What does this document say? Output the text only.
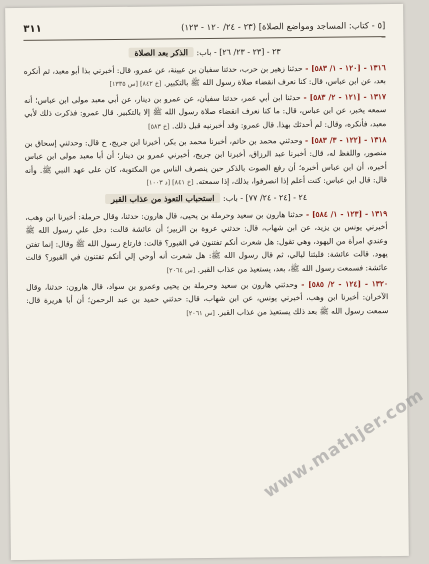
٣١١	[٥ - كتاب: المساجد ومواضع الصلاة] (٢٣ - ٢٤/ ١٢٠ - ١٢٣)
٢٣ - [٢٣ - ٢٣/ ٢٦] - باب: الذكر بعد الصلاة

١٣١٦ - [١٢٠ - ١/ ٥٨٣] - حدثنا زهير بن حرب، حدثنا سفيان بن عيينة، عن عمرو، قال: أخبرني بذا أبو معبد، ثم أنكره بعد، عن ابن عباس، قال: كنا نعرف انقضاء صلاة رسول الله ﷺ بالتكبير. [خ ٨٤٢] [س ١٣٣٥]

١٣١٧ - [١٢١ - ٢/ ٥٨٣] - حدثنا ابن أبي عمر، حدثنا سفيان، عن عمرو بن دينار، عن أبي معبد مولى ابن عباس؛ أنه سمعه يخبر، عن ابن عباس، قال: ما كنا نعرف انقضاء صلاة رسول الله ﷺ إلا بالتكبير. قال عمرو: فذكرت ذلك لأبي معبد، فأنكره، وقال: لم أحدثك بهذا. قال عمرو: وقد أخبرنيه قبل ذلك. [خ ٥٨٣]

١٣١٨ - [١٢٢ - ٣/ ٥٨٣] - وحدثني محمد بن حاتم، أخبرنا محمد بن بكر، أخبرنا ابن جريج، ح قال: وحدثني إسحاق بن منصور، واللفظ له، قال: أخبرنا عبد الرزاق، أخبرنا ابن جريج، أخبرني عمرو بن دينار؛ أن أبا معبد مولى ابن عباس أخبره، أن ابن عباس أخبره؛ أن رفع الصوت بالذكر حين ينصرف الناس من المكتوبة، كان على عهد النبي ﷺ. وأنه قال: قال ابن عباس: كنت أعلم إذا انصرفوا، بذلك، إذا سمعته. [خ ٨٤١] [د ١٠٠٣]

٢٤ - [٢٤ - ٢٤/ ٧٧] - باب: استحباب التعوذ من عذاب القبر

١٣١٩ - [١٢٣ - ١/ ٥٨٤] - حدثنا هارون بن سعيد وحرملة بن يحيى، قال هارون: حدثنا، وقال حرملة: أخبرنا ابن وهب، أخبرني يونس بن يزيد، عن ابن شهاب، قال: حدثني عروة بن الزبير؛ أن عائشة قالت: دخل علي رسول الله ﷺ وعندي امرأة من اليهود، وهي تقول: هل شعرت أنكم تفتنون في القبور؟ قالت: فارتاع رسول الله ﷺ وقال: إنما تفتن يهود. قالت عائشة: فلبثنا ليالي، ثم قال رسول الله ﷺ: هل شعرت أنه أوحي إلي أنكم تفتنون في القبور؟ قالت عائشة: فسمعت رسول الله ﷺ، بعد، يستعيذ من عذاب القبر. [س ٢٠٦٤]

١٣٢٠ - [١٢٤ - ٢/ ٥٨٥] - وحدثني هارون بن سعيد وحرملة بن يحيى وعمرو بن سواد، قال هارون: حدثنا، وقال الآخران: أخبرنا ابن وهب، أخبرني يونس، عن ابن شهاب، قال: حدثني حميد بن عبد الرحمن؛ أن أبا هريرة قال: سمعت رسول الله ﷺ بعد ذلك يستعيذ من عذاب القبر. [س ٢٠٦١]

www.mathjer.com
